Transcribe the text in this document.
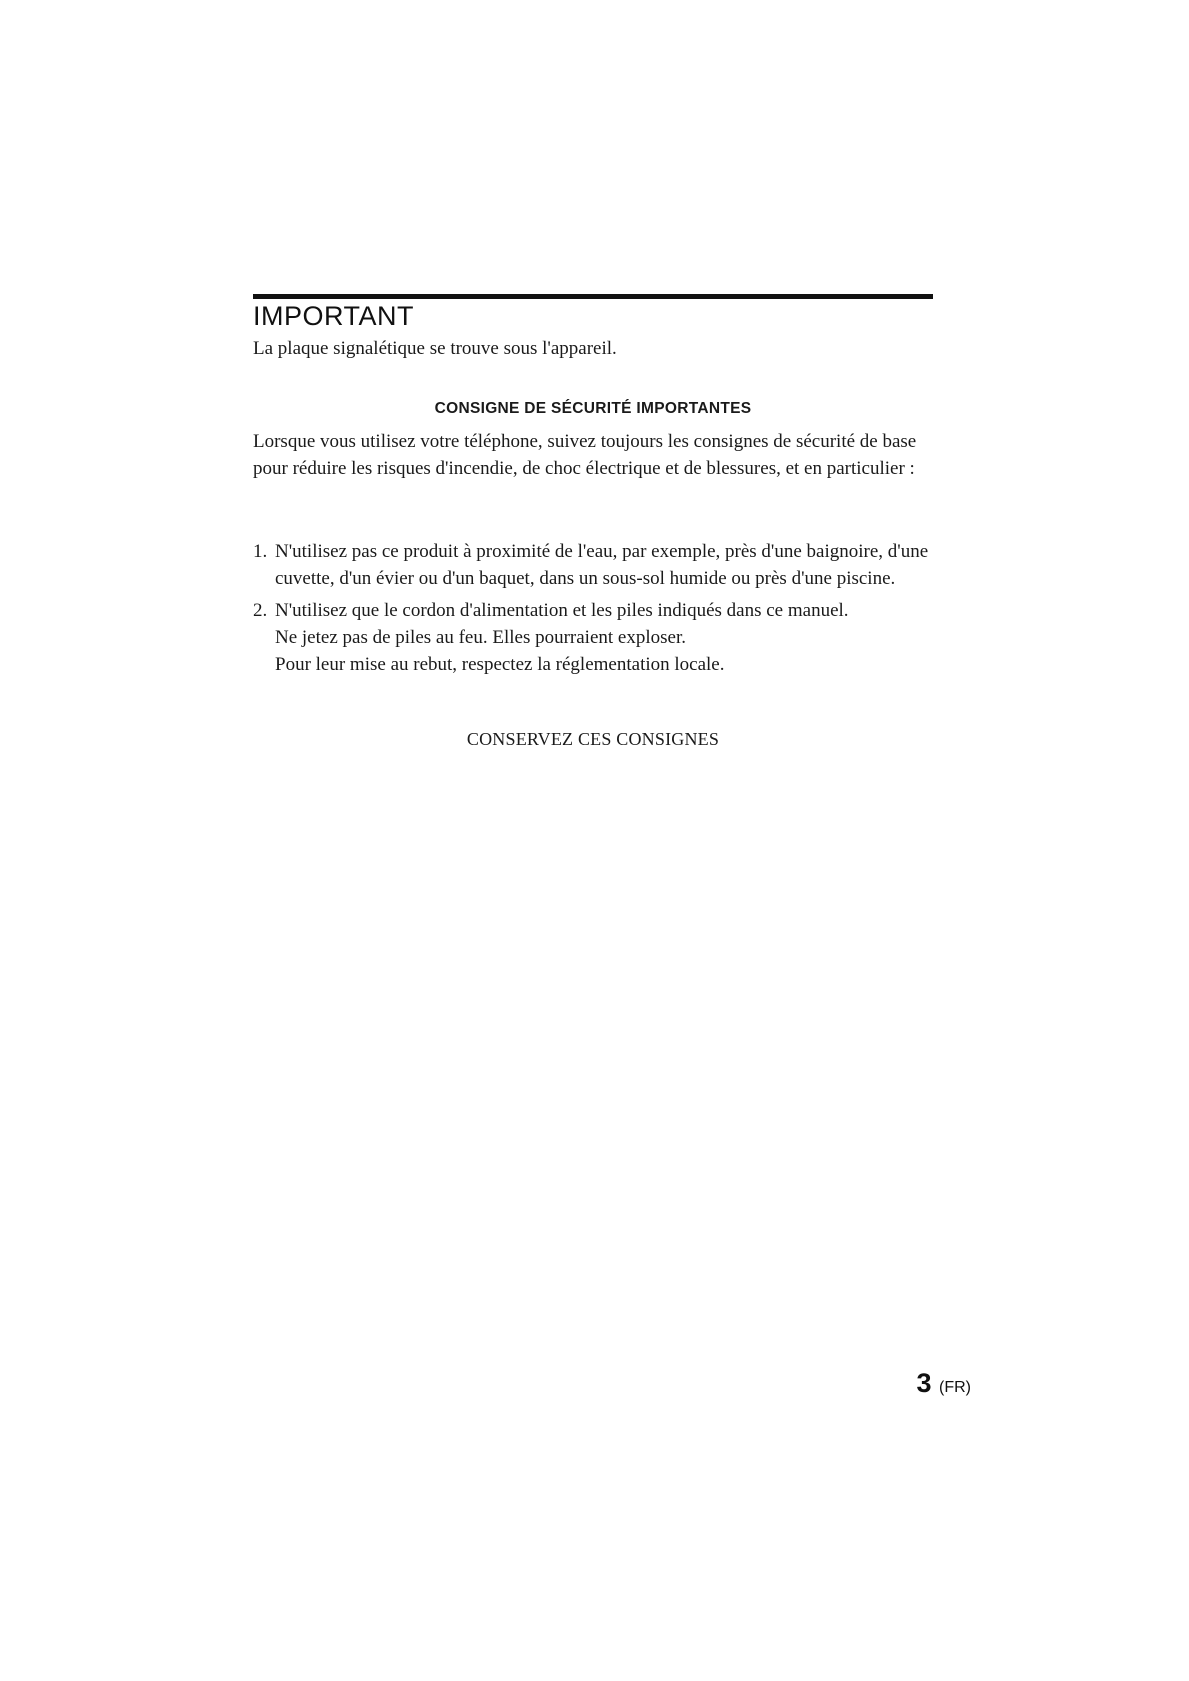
IMPORTANT

La plaque signalétique se trouve sous l'appareil.

CONSIGNE DE SÉCURITÉ IMPORTANTES

Lorsque vous utilisez votre téléphone, suivez toujours les consignes de sécurité de base pour réduire les risques d'incendie, de choc électrique et de blessures, et en particulier :

1. N'utilisez pas ce produit à proximité de l'eau, par exemple, près d'une baignoire, d'une cuvette, d'un évier ou d'un baquet, dans un sous-sol humide ou près d'une piscine.
2. N'utilisez que le cordon d'alimentation et les piles indiqués dans ce manuel.
Ne jetez pas de piles au feu. Elles pourraient exploser.
Pour leur mise au rebut, respectez la réglementation locale.

CONSERVEZ CES CONSIGNES

3 (FR)
